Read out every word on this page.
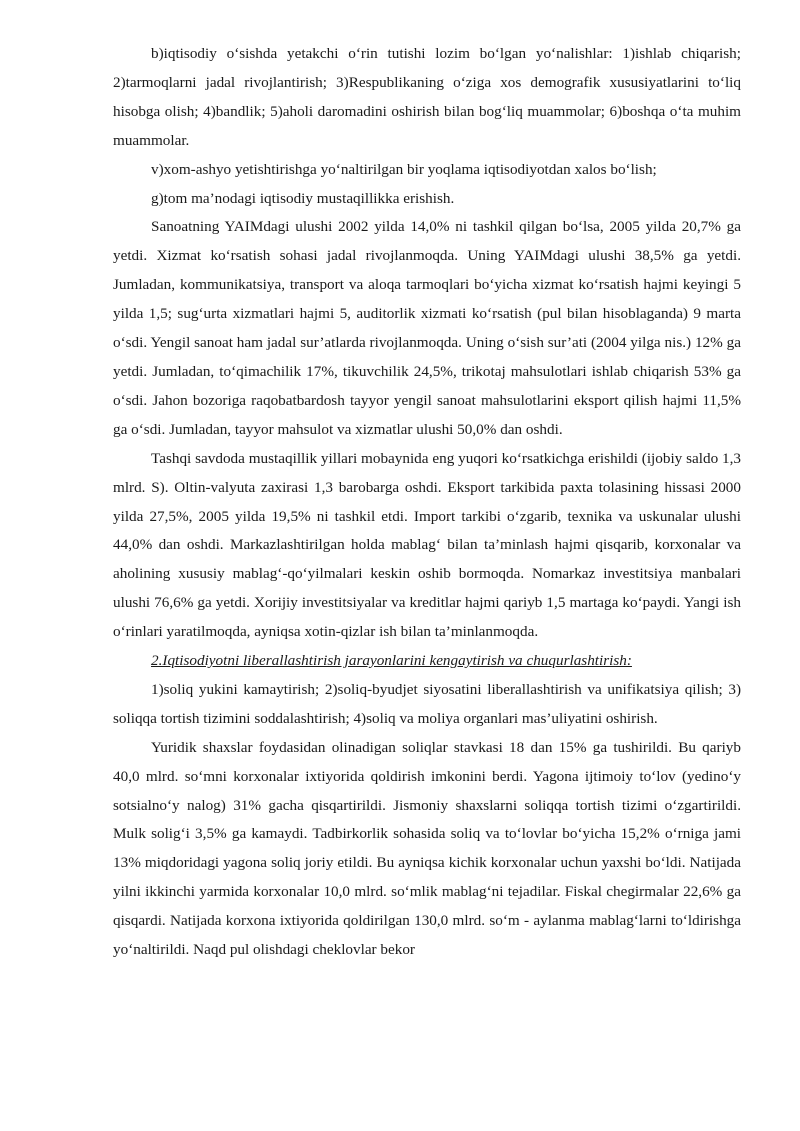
b)iqtisodiy o‘sishda yetakchi o‘rin tutishi lozim bo‘lgan yo‘nalishlar: 1)ishlab chiqarish; 2)tarmoqlarni jadal rivojlantirish; 3)Respublikaning o‘ziga xos demografik xususiyatlarini to‘liq hisobga olish; 4)bandlik; 5)aholi daromadini oshirish bilan bog‘liq muammolar; 6)boshqa o‘ta muhim muammolar.

v)xom-ashyo yetishtirishga yo‘naltirilgan bir yoqlama iqtisodiyotdan xalos bo‘lish;

g)tom ma’nodagi iqtisodiy mustaqillikka erishish.

Sanoatning YAIMdagi ulushi 2002 yilda 14,0% ni tashkil qilgan bo‘lsa, 2005 yilda 20,7% ga yetdi. Xizmat ko‘rsatish sohasi jadal rivojlanmoqda. Uning YAIMdagi ulushi 38,5% ga yetdi. Jumladan, kommunikatsiya, transport va aloqa tarmoqlari bo‘yicha xizmat ko‘rsatish hajmi keyingi 5 yilda 1,5; sug‘urta xizmatlari hajmi 5, auditorlik xizmati ko‘rsatish (pul bilan hisoblaganda) 9 marta o‘sdi. Yengil sanoat ham jadal sur’atlarda rivojlanmoqda. Uning o‘sish sur’ati (2004 yilga nis.) 12% ga yetdi. Jumladan, to‘qimachilik 17%, tikuvchilik 24,5%, trikotaj mahsulotlari ishlab chiqarish 53% ga o‘sdi. Jahon bozoriga raqobatbardosh tayyor yengil sanoat mahsulotlarini eksport qilish hajmi 11,5% ga o‘sdi. Jumladan, tayyor mahsulot va xizmatlar ulushi 50,0% dan oshdi.

Tashqi savdoda mustaqillik yillari mobaynida eng yuqori ko‘rsatkichga erishildi (ijobiy saldo 1,3 mlrd. S). Oltin-valyuta zaxirasi 1,3 barobarga oshdi. Eksport tarkibida paxta tolasining hissasi 2000 yilda 27,5%, 2005 yilda 19,5% ni tashkil etdi. Import tarkibi o‘zgarib, texnika va uskunalar ulushi 44,0% dan oshdi. Markazlashtirilgan holda mablag‘ bilan ta’minlash hajmi qisqarib, korxonalar va aholining xususiy mablag‘-qo‘yilmalari keskin oshib bormoqda. Nomarkaz investitsiya manbalari ulushi 76,6% ga yetdi. Xorijiy investitsiyalar va kreditlar hajmi qariyb 1,5 martaga ko‘paydi. Yangi ish o‘rinlari yaratilmoqda, ayniqsa xotin-qizlar ish bilan ta’minlanmoqda.

2.Iqtisodiyotni liberallashtirish jarayonlarini kengaytirish va chuqurlashtirish:

1)soliq yukini kamaytirish; 2)soliq-byudjet siyosatini liberallashtirish va unifikatsiya qilish; 3) soliqqa tortish tizimini soddalashtirish; 4)soliq va moliya organlari mas’uliyatini oshirish.

Yuridik shaxslar foydasidan olinadigan soliqlar stavkasi 18 dan 15% ga tushirildi. Bu qariyb 40,0 mlrd. so‘mni korxonalar ixtiyorida qoldirish imkonini berdi. Yagona ijtimoiy to‘lov (yedino‘y sotsialno‘y nalog) 31% gacha qisqartirildi. Jismoniy shaxslarni soliqqa tortish tizimi o‘zgartirildi. Mulk solig‘i 3,5% ga kamaydi. Tadbirkorlik sohasida soliq va to‘lovlar bo‘yicha 15,2% o‘rniga jami 13% miqdoridagi yagona soliq joriy etildi. Bu ayniqsa kichik korxonalar uchun yaxshi bo‘ldi. Natijada yilni ikkinchi yarmida korxonalar 10,0 mlrd. so‘mlik mablag‘ni tejadilar. Fiskal chegirmalar 22,6% ga qisqardi. Natijada korxona ixtiyorida qoldirilgan 130,0 mlrd. so‘m - aylanma mablag‘larni to‘ldirishga yo‘naltirildi. Naqd pul olishdagi cheklovlar bekor
